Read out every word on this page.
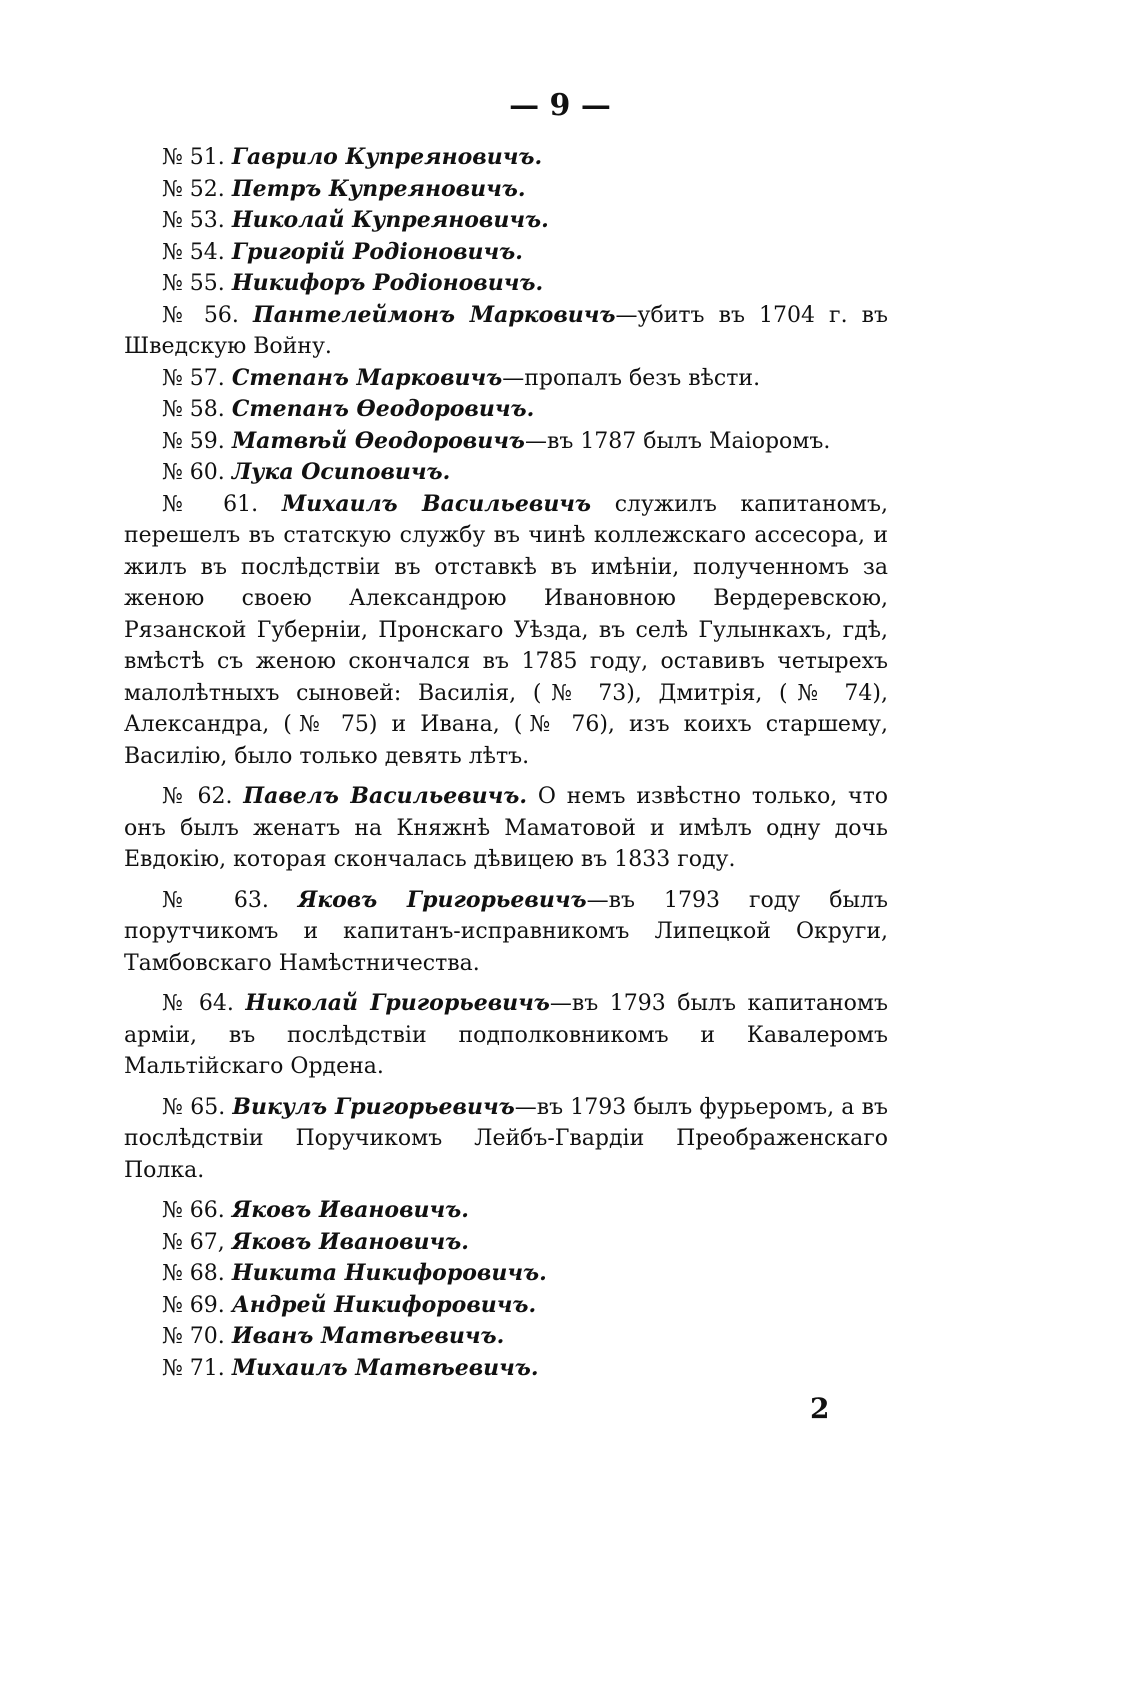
— 9 —

№ 51. Гаврило Купреяновичъ.

№ 52. Петръ Купреяновичъ.

№ 53. Николай Купреяновичъ.

№ 54. Григорій Родіоновичъ.

№ 55. Никифоръ Родіоновичъ.

№ 56. Пантелеймонъ Марковичъ—убитъ въ 1704 г. въ Шведскую Войну.

№ 57. Степанъ Марковичъ—пропалъ безъ вѣсти.

№ 58. Степанъ Ѳеодоровичъ.

№ 59. Матвѣй Ѳеодоровичъ—въ 1787 былъ Маіоромъ.

№ 60. Лука Осиповичъ.

№ 61. Михаилъ Васильевичъ служилъ капитаномъ, перешелъ въ статскую службу въ чинѣ коллежскаго ассесора, и жилъ въ послѣдствіи въ отставкѣ въ имѣніи, полученномъ за женою своею Александрою Ивановною Вердеревскою, Рязанской Губерніи, Пронскаго Уѣзда, въ селѣ Гулынкахъ, гдѣ, вмѣстѣ съ женою скончался въ 1785 году, оставивъ четырехъ малолѣтныхъ сыновей: Василія, (№ 73), Дмитрія, (№ 74), Александра, (№ 75) и Ивана, (№ 76), изъ коихъ старшему, Василію, было только девять лѣтъ.

№ 62. Павелъ Васильевичъ. О немъ извѣстно только, что онъ былъ женатъ на Княжнѣ Маматовой и имѣлъ одну дочь Евдокію, которая скончалась дѣвицею въ 1833 году.

№ 63. Яковъ Григорьевичъ—въ 1793 году былъ порутчикомъ и капитанъ-исправникомъ Липецкой Округи, Тамбовскаго Намѣстничества.

№ 64. Николай Григорьевичъ—въ 1793 былъ капитаномъ арміи, въ послѣдствіи подполковникомъ и Кавалеромъ Мальтійскаго Ордена.

№ 65. Викулъ Григорьевичъ—въ 1793 былъ фурьеромъ, а въ послѣдствіи Поручикомъ Лейбъ-Гвардіи Преображенскаго Полка.

№ 66. Яковъ Ивановичъ.

№ 67, Яковъ Ивановичъ.

№ 68. Никита Никифоровичъ.

№ 69. Андрей Никифоровичъ.

№ 70. Иванъ Матвѣевичъ.

№ 71. Михаилъ Матвѣевичъ.

2
